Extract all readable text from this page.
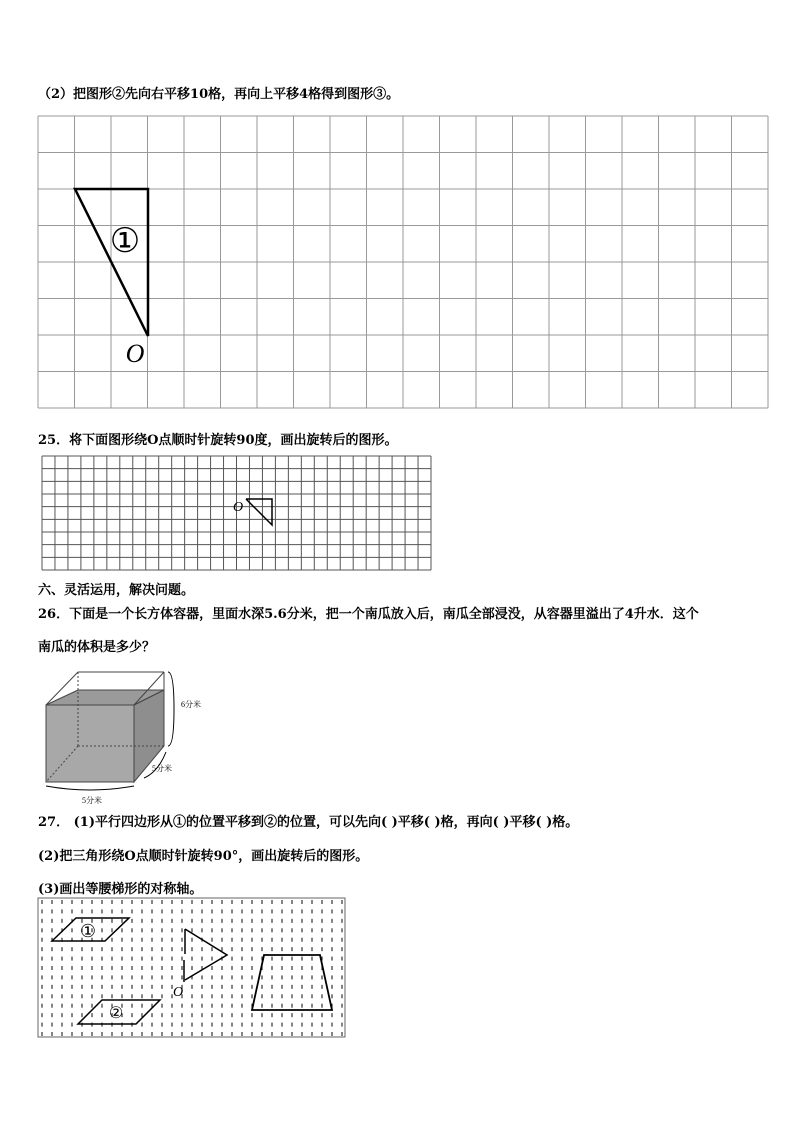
（2）把图形②先向右平移10格，再向上平移4格得到图形③。
①
O
O
6分米
5分米
5分米
①
②
O
25．将下面图形绕O点顺时针旋转90度，画出旋转后的图形。
六、灵活运用，解决问题。
26．下面是一个长方体容器，里面水深5.6分米，把一个南瓜放入后，南瓜全部浸没，从容器里溢出了4升水．这个
南瓜的体积是多少？
27． (1)平行四边形从①的位置平移到②的位置，可以先向( )平移( )格，再向( )平移( )格。
(2)把三角形绕O点顺时针旋转90°，画出旋转后的图形。
(3)画出等腰梯形的对称轴。
